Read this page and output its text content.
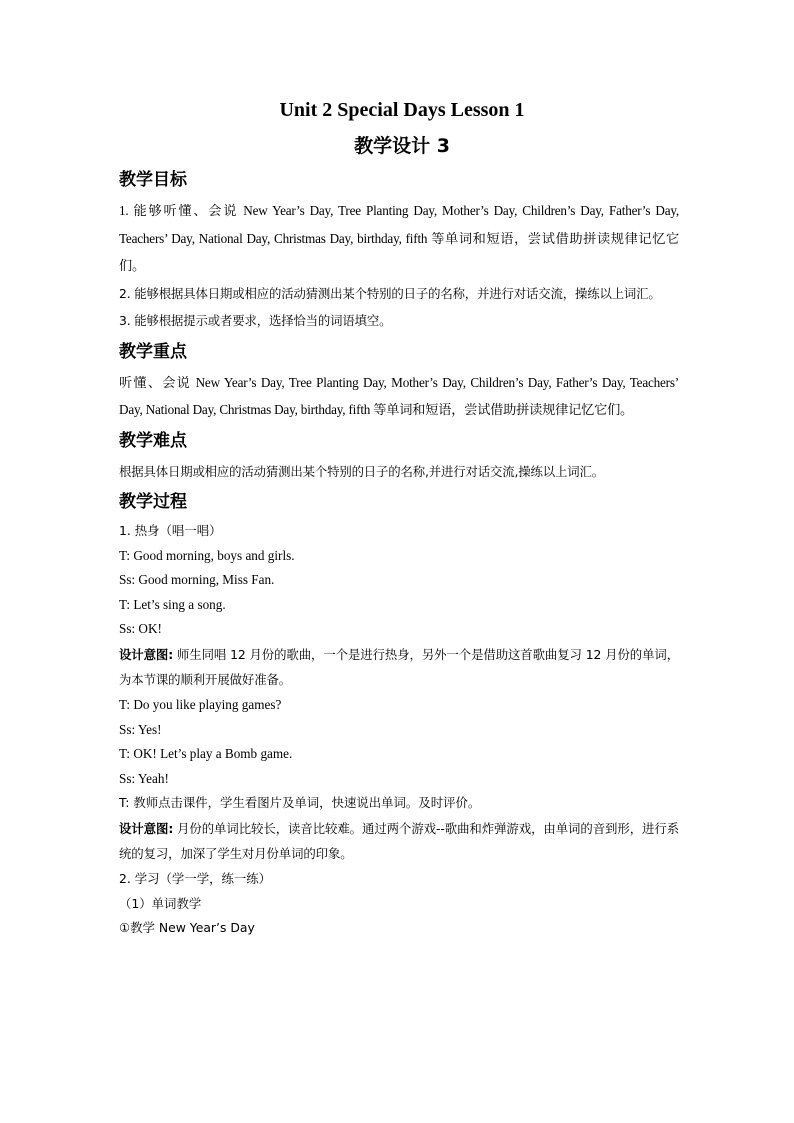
Unit 2 Special Days Lesson 1
教学设计 3
教学目标

1. 能够听懂、会说 New Year’s Day, Tree Planting Day, Mother’s Day, Children’s Day, Father’s Day, Teachers’ Day, National Day, Christmas Day, birthday, fifth 等单词和短语，尝试借助拼读规律记忆它们。

2. 能够根据具体日期或相应的活动猜测出某个特别的日子的名称，并进行对话交流，操练以上词汇。

3. 能够根据提示或者要求，选择恰当的词语填空。

教学重点

听懂、会说 New Year’s Day, Tree Planting Day, Mother’s Day, Children’s Day, Father’s Day, Teachers’ Day, National Day, Christmas Day, birthday, fifth 等单词和短语，尝试借助拼读规律记忆它们。

教学难点

根据具体日期或相应的活动猜测出某个特别的日子的名称,并进行对话交流,操练以上词汇。

教学过程

1. 热身（唱一唱）

T: Good morning, boys and girls.

Ss: Good morning, Miss Fan.

T: Let’s sing a song.

Ss: OK!

设计意图: 师生同唱 12 月份的歌曲，一个是进行热身，另外一个是借助这首歌曲复习 12 月份的单词，为本节课的顺利开展做好准备。

T: Do you like playing games?

Ss: Yes!

T: OK! Let’s play a Bomb game.

Ss: Yeah!

T: 教师点击课件，学生看图片及单词，快速说出单词。及时评价。

设计意图: 月份的单词比较长，读音比较难。通过两个游戏--歌曲和炸弹游戏，由单词的音到形，进行系统的复习，加深了学生对月份单词的印象。

2. 学习（学一学，练一练）

（1）单词教学

①教学 New Year’s Day
